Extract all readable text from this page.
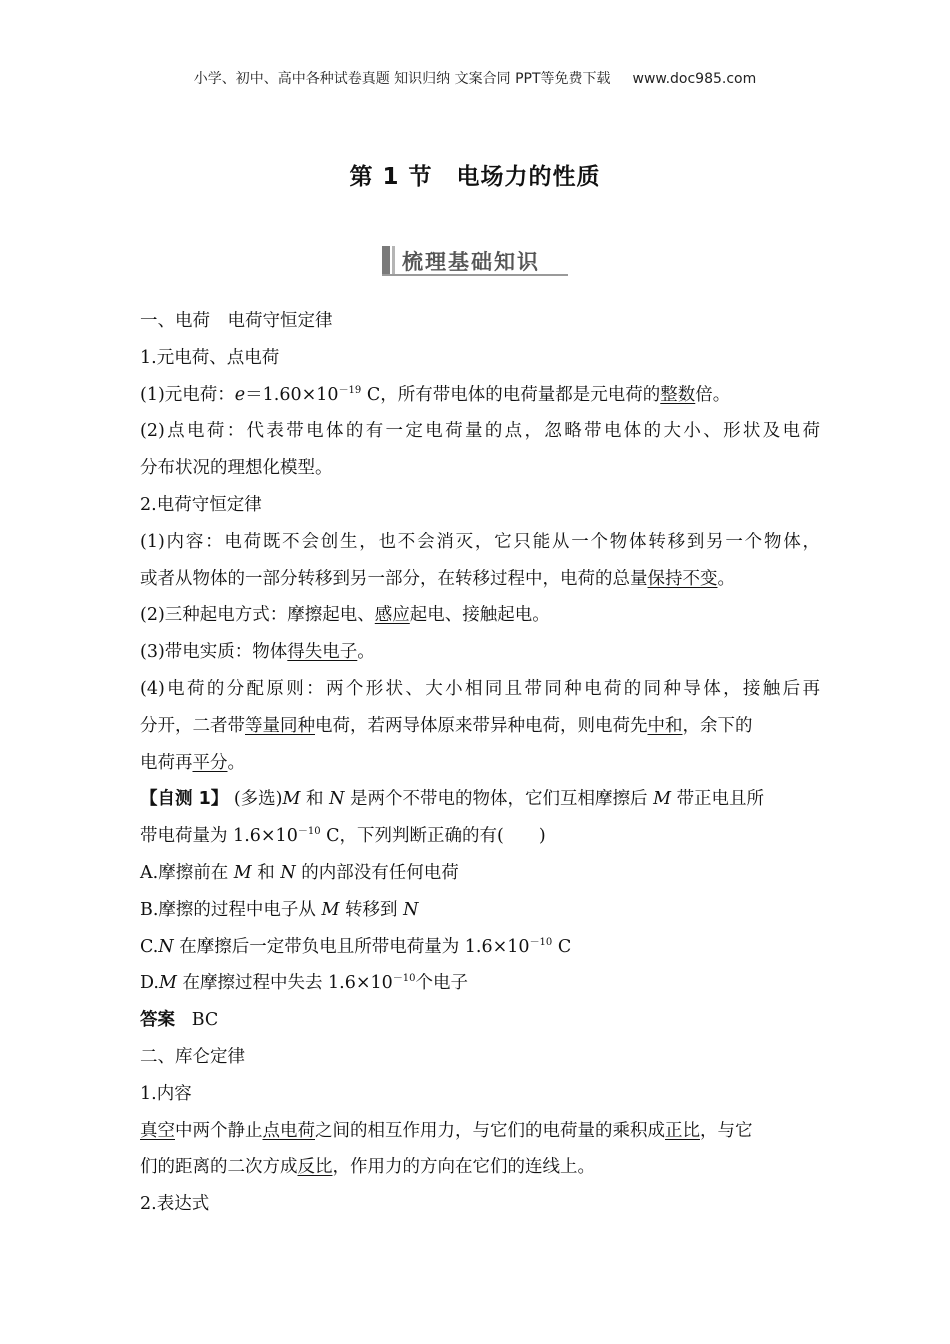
小学、初中、高中各种试卷真题 知识归纳 文案合同 PPT等免费下载 www.doc985.com
第 1 节　电场力的性质
梳理基础知识
一、电荷　电荷守恒定律
1.元电荷、点电荷
(1)元电荷：$e=1.60\times 10^{-19}$ C，所有带电体的电荷量都是元电荷的整数倍。
(2)点电荷：代表带电体的有一定电荷量的点，忽略带电体的大小、形状及电荷
分布状况的理想化模型。
2.电荷守恒定律
(1)内容：电荷既不会创生，也不会消灭，它只能从一个物体转移到另一个物体，
或者从物体的一部分转移到另一部分，在转移过程中，电荷的总量保持不变。
(2)三种起电方式：摩擦起电、感应起电、接触起电。
(3)带电实质：物体得失电子。
(4)电荷的分配原则：两个形状、大小相同且带同种电荷的同种导体，接触后再
分开，二者带等量同种电荷，若两导体原来带异种电荷，则电荷先中和，余下的
电荷再平分。
【自测 1】 (多选)M 和 N 是两个不带电的物体，它们互相摩擦后 M 带正电且所
带电荷量为 $1.6\times 10^{-10}$ C，下列判断正确的有(　　)
A.摩擦前在 M 和 N 的内部没有任何电荷
B.摩擦的过程中电子从 M 转移到 N
C.N 在摩擦后一定带负电且所带电荷量为 $1.6\times 10^{-10}$ C
D.M 在摩擦过程中失去 $1.6\times 10^{-10}$个电子
答案 BC
二、库仑定律
1.内容
真空中两个静止点电荷之间的相互作用力，与它们的电荷量的乘积成正比，与它
们的距离的二次方成反比，作用力的方向在它们的连线上。
2.表达式
